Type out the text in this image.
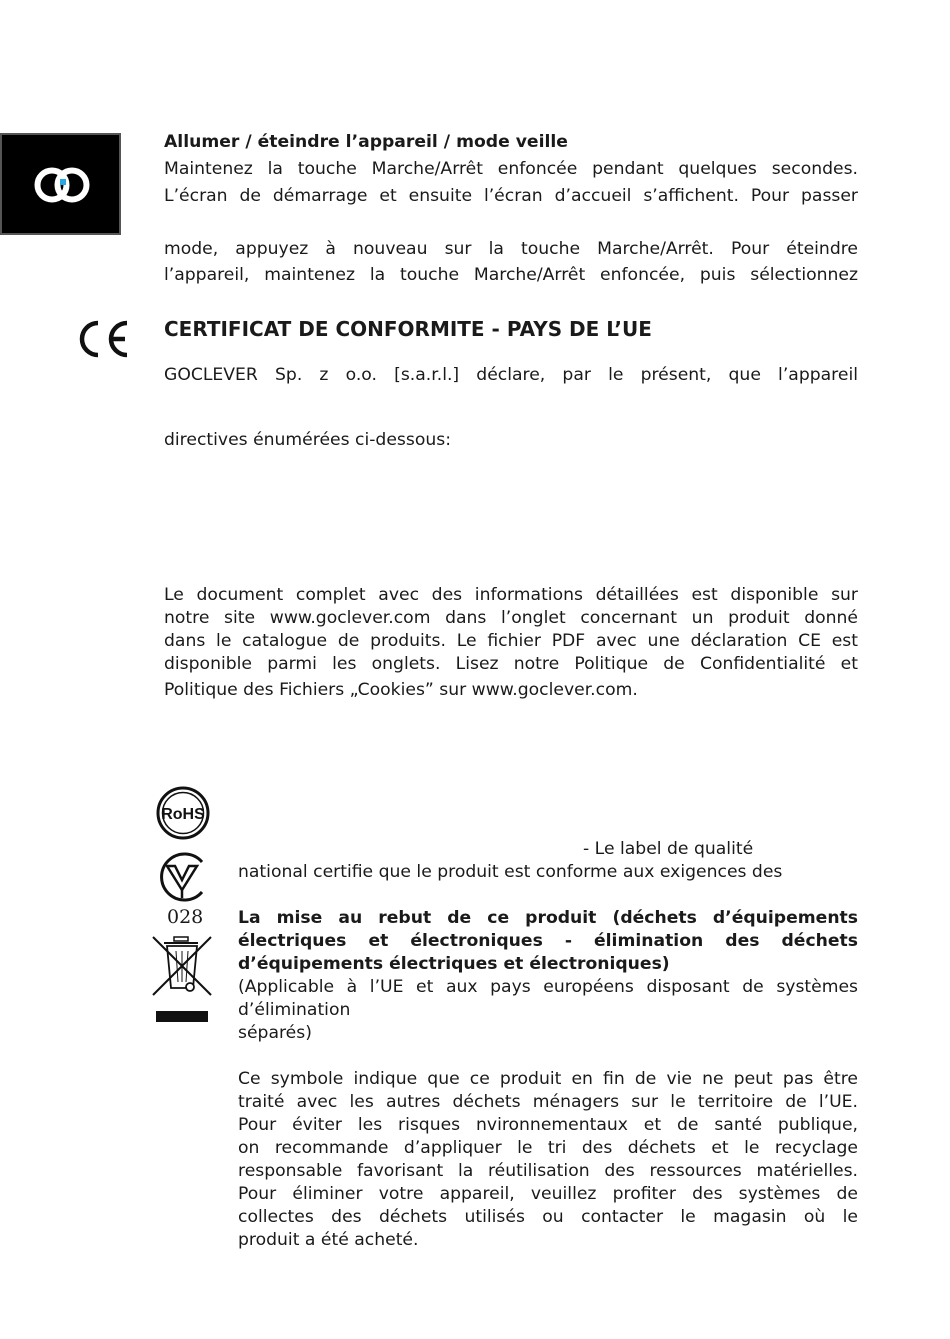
Allumer / éteindre l’appareil / mode veille
Maintenez la touche Marche/Arrêt enfoncée pendant quelques secondes.
L’écran de démarrage et ensuite l’écran d’accueil s’affichent. Pour passer
mode, appuyez à nouveau sur la touche Marche/Arrêt. Pour éteindre
l’appareil, maintenez la touche Marche/Arrêt enfoncée, puis sélectionnez
CERTIFICAT DE CONFORMITE - PAYS DE L’UE
GOCLEVER Sp. z o.o. [s.a.r.l.] déclare, par le présent, que l’appareil
directives énumérées ci-dessous:
Le document complet avec des informations détaillées est disponible sur
notre site www.goclever.com dans l’onglet concernant un produit donné
dans le catalogue de produits. Le fichier PDF avec une déclaration CE est
disponible parmi les onglets. Lisez notre Politique de Confidentialité et
Politique des Fichiers „Cookies” sur www.goclever.com.
RoHS
028
- Le label de qualité
national certifie que le produit est conforme aux exigences des
La mise au rebut de ce produit (déchets d’équipements
électriques et électroniques - élimination des déchets
d’équipements électriques et électroniques)
(Applicable à l’UE et aux pays européens disposant de systèmes
d’élimination
séparés)
Ce symbole indique que ce produit en fin de vie ne peut pas être
traité avec les autres déchets ménagers sur le territoire de l’UE.
Pour éviter les risques nvironnementaux et de santé publique,
on recommande d’appliquer le tri des déchets et le recyclage
responsable favorisant la réutilisation des ressources matérielles.
Pour éliminer votre appareil, veuillez profiter des systèmes de
collectes des déchets utilisés ou contacter le magasin où le
produit a été acheté.
